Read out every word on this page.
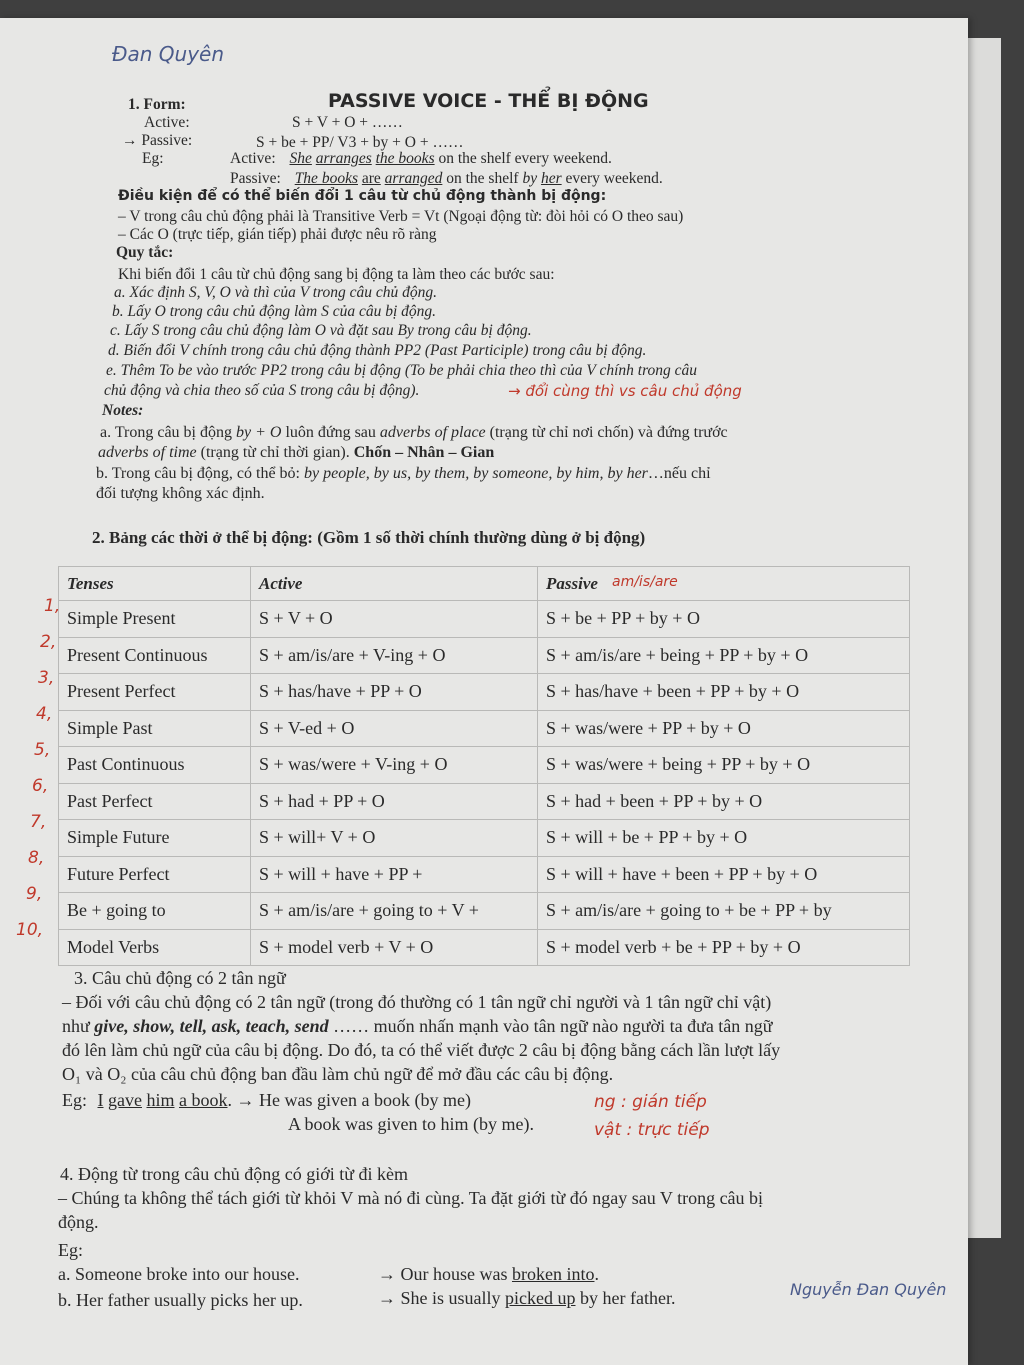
Đan Quyên
PASSIVE VOICE - THỂ BỊ ĐỘNG
1. Form:
Active:	S + V + O + ……
→ Passive:	S + be + PP/ V3 + by + O + ……
Eg:	Active: She arranges the books on the shelf every weekend.
Passive: The books are arranged on the shelf by her every weekend.
Điều kiện để có thể biến đổi 1 câu từ chủ động thành bị động:
– V trong câu chủ động phải là Transitive Verb = Vt (Ngoại động từ: đòi hỏi có O theo sau)
– Các O (trực tiếp, gián tiếp) phải được nêu rõ ràng
Quy tắc:
Khi biến đổi 1 câu từ chủ động sang bị động ta làm theo các bước sau:
a. Xác định S, V, O và thì của V trong câu chủ động.
b. Lấy O trong câu chủ động làm S của câu bị động.
c. Lấy S trong câu chủ động làm O và đặt sau By trong câu bị động.
d. Biến đổi V chính trong câu chủ động thành PP2 (Past Participle) trong câu bị động.
e. Thêm To be vào trước PP2 trong câu bị động (To be phải chia theo thì của V chính trong câu
chủ động và chia theo số của S trong câu bị động).	→ đổi cùng thì vs câu chủ động
Notes:
a. Trong câu bị động by + O luôn đứng sau adverbs of place (trạng từ chỉ nơi chốn) và đứng trước
adverbs of time (trạng từ chỉ thời gian). Chốn – Nhân – Gian
b. Trong câu bị động, có thể bỏ: by people, by us, by them, by someone, by him, by her…nếu chỉ
đối tượng không xác định.
2. Bảng các thời ở thể bị động: (Gồm 1 số thời chính thường dùng ở bị động)
am/is/are
Tenses	Active	Passive
Simple Present	S + V + O	S + be + PP + by + O
Present Continuous	S + am/is/are + V-ing + O	S + am/is/are + being + PP + by + O
Present Perfect	S + has/have + PP + O	S + has/have + been + PP + by + O
Simple Past	S + V-ed + O	S + was/were + PP + by + O
Past Continuous	S + was/were + V-ing + O	S + was/were + being + PP + by + O
Past Perfect	S + had + PP + O	S + had + been + PP + by + O
Simple Future	S + will+ V + O	S + will + be + PP + by + O
Future Perfect	S + will + have + PP +	S + will + have + been + PP + by + O
Be + going to	S + am/is/are + going to + V +	S + am/is/are + going to + be + PP + by
Model Verbs	S + model verb + V + O	S + model verb + be + PP + by + O
1,
2,
3,
4,
5,
6,
7,
8,
9,
10,
3. Câu chủ động có 2 tân ngữ
– Đối với câu chủ động có 2 tân ngữ (trong đó thường có 1 tân ngữ chỉ người và 1 tân ngữ chỉ vật)
như give, show, tell, ask, teach, send …… muốn nhấn mạnh vào tân ngữ nào người ta đưa tân ngữ
đó lên làm chủ ngữ của câu bị động. Do đó, ta có thể viết được 2 câu bị động bằng cách lần lượt lấy
O₁ và O₂ của câu chủ động ban đầu làm chủ ngữ để mở đầu các câu bị động.
Eg: I gave him a book. → He was given a book (by me)
A book was given to him (by me).
ng : gián tiếp
vật : trực tiếp
4. Động từ trong câu chủ động có giới từ đi kèm
– Chúng ta không thể tách giới từ khỏi V mà nó đi cùng. Ta đặt giới từ đó ngay sau V trong câu bị
động.
Eg:
a. Someone broke into our house.	→ Our house was broken into.
b. Her father usually picks her up.	→ She is usually picked up by her father.	Nguyễn Đan Quyên
